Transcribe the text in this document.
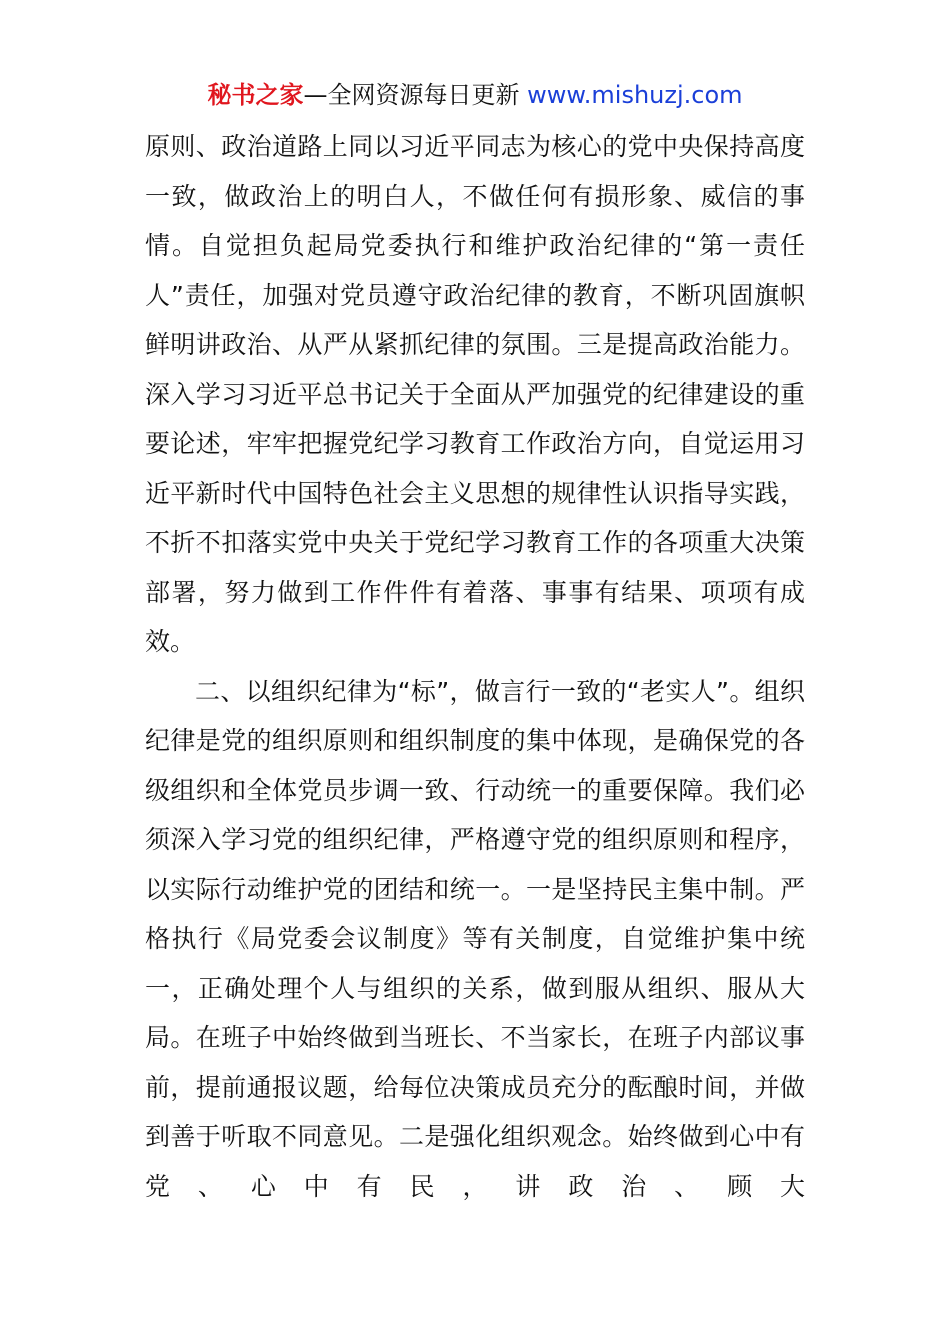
秘书之家—全网资源每日更新 www.mishuzj.com

原则、政治道路上同以习近平同志为核心的党中央保持高度一致，做政治上的明白人，不做任何有损形象、威信的事情。自觉担负起局党委执行和维护政治纪律的“第一责任人”责任，加强对党员遵守政治纪律的教育，不断巩固旗帜鲜明讲政治、从严从紧抓纪律的氛围。三是提高政治能力。深入学习习近平总书记关于全面从严加强党的纪律建设的重要论述，牢牢把握党纪学习教育工作政治方向，自觉运用习近平新时代中国特色社会主义思想的规律性认识指导实践，不折不扣落实党中央关于党纪学习教育工作的各项重大决策部署，努力做到工作件件有着落、事事有结果、项项有成效。

二、以组织纪律为“标”，做言行一致的“老实人”。组织纪律是党的组织原则和组织制度的集中体现，是确保党的各级组织和全体党员步调一致、行动统一的重要保障。我们必须深入学习党的组织纪律，严格遵守党的组织原则和程序，以实际行动维护党的团结和统一。一是坚持民主集中制。严格执行《局党委会议制度》等有关制度，自觉维护集中统一，正确处理个人与组织的关系，做到服从组织、服从大局。在班子中始终做到当班长、不当家长，在班子内部议事前，提前通报议题，给每位决策成员充分的酝酿时间，并做到善于听取不同意见。二是强化组织观念。始终做到心中有党、心中有民，讲政治、顾大
